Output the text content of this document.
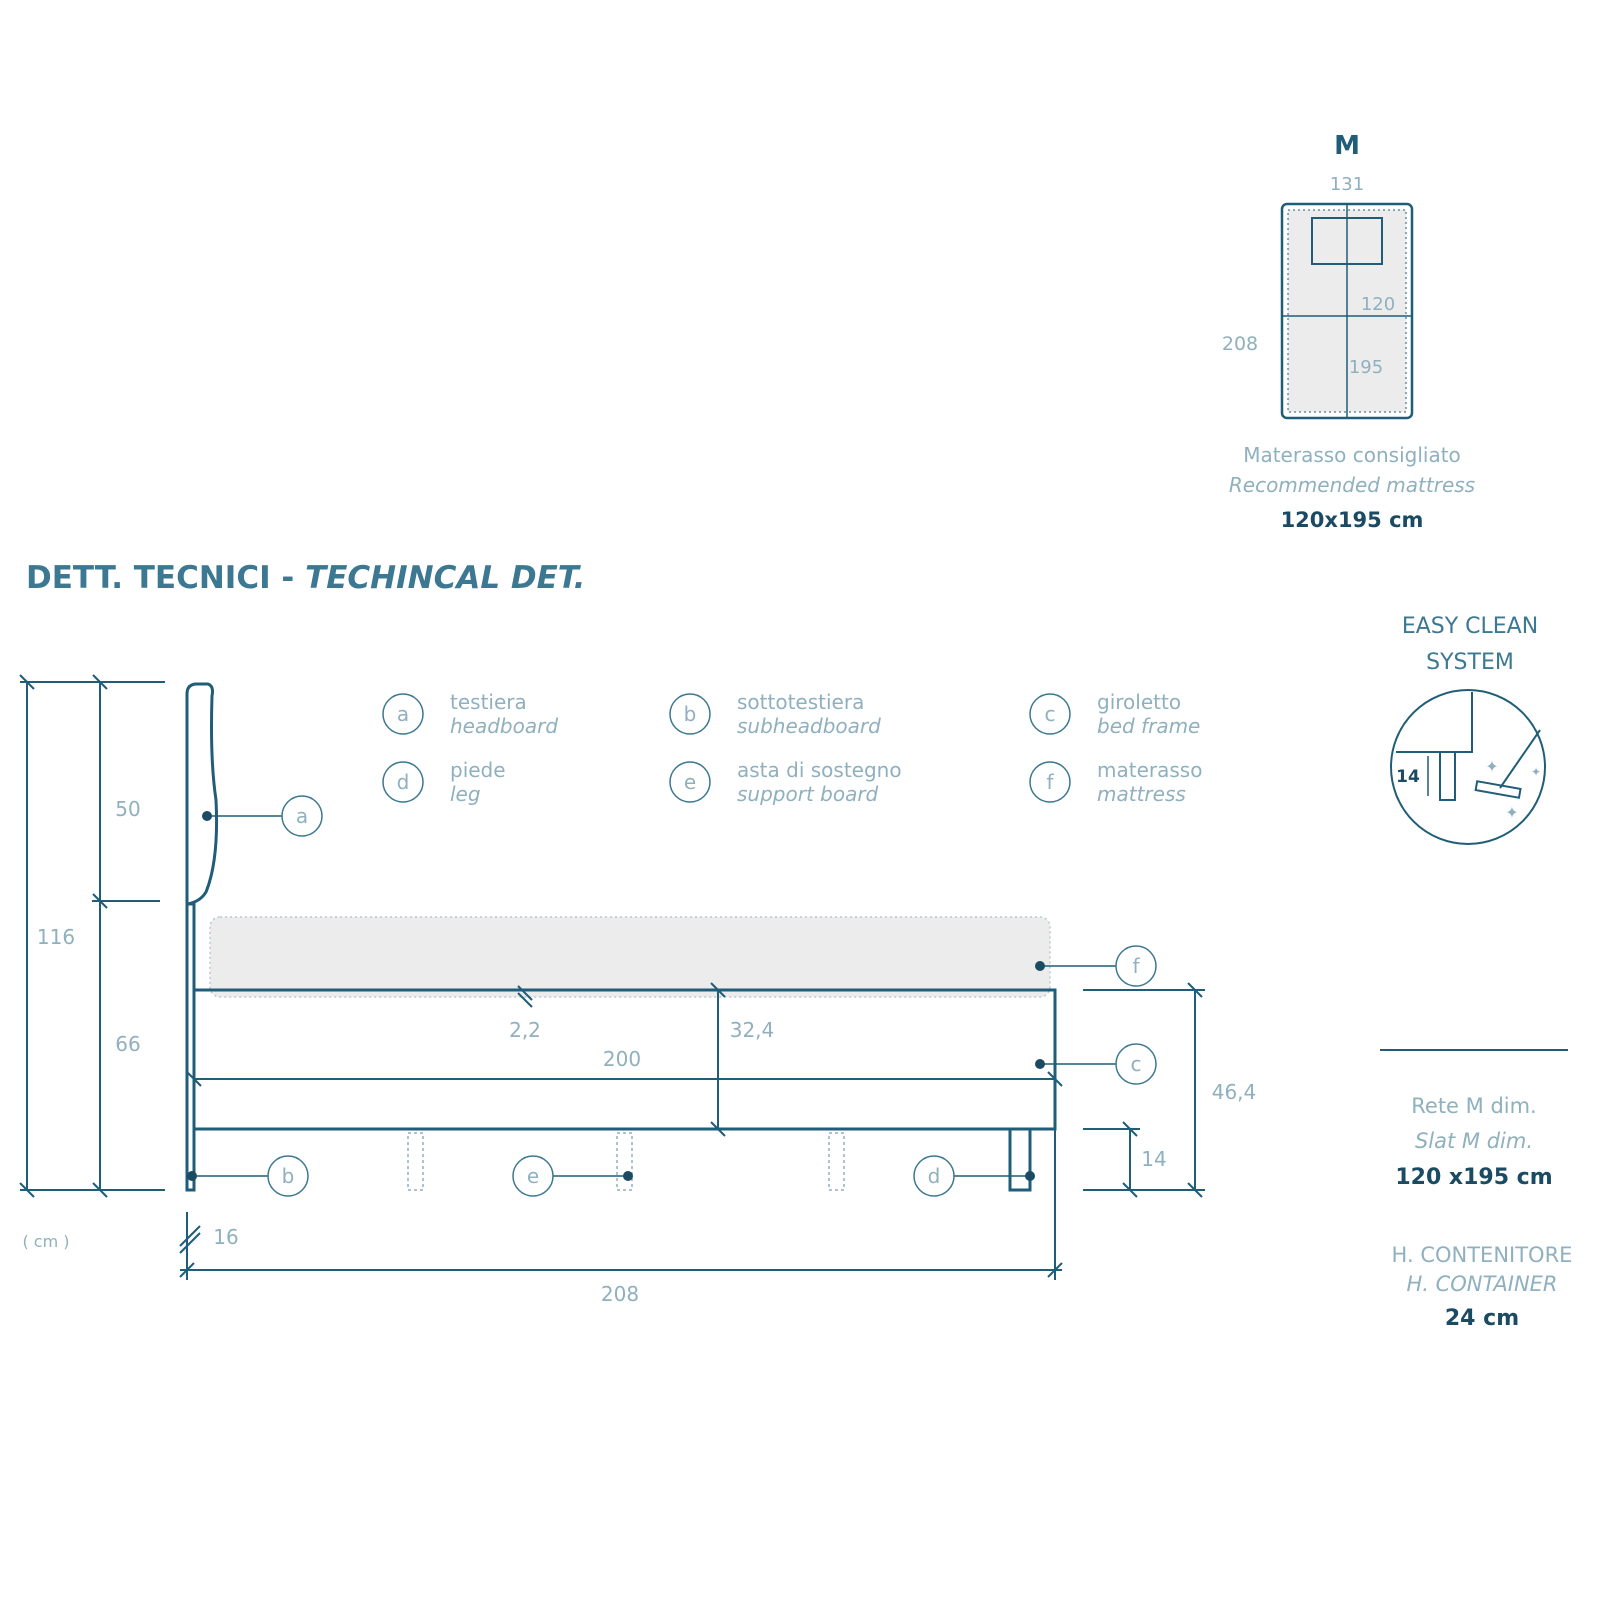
DETT. TECNICI - TECHINCAL DET.
M
131
120
195
208
Materasso consigliato
Recommended mattress
120x195 cm
EASY CLEAN
SYSTEM
14
✦	✦
✦
a testiera
headboard	b sottotestiera
subheadboard	c giroletto
bed frame
d piede
leg	e asta di sostegno
support board	f materasso
mattress
116
50
66
( cm )
2,2	32,4
200
46,4
14
208
16
a
f
c
b	e	d
Rete M dim.
Slat M dim.
120 x195 cm
H. CONTENITORE
H. CONTAINER
24 cm
